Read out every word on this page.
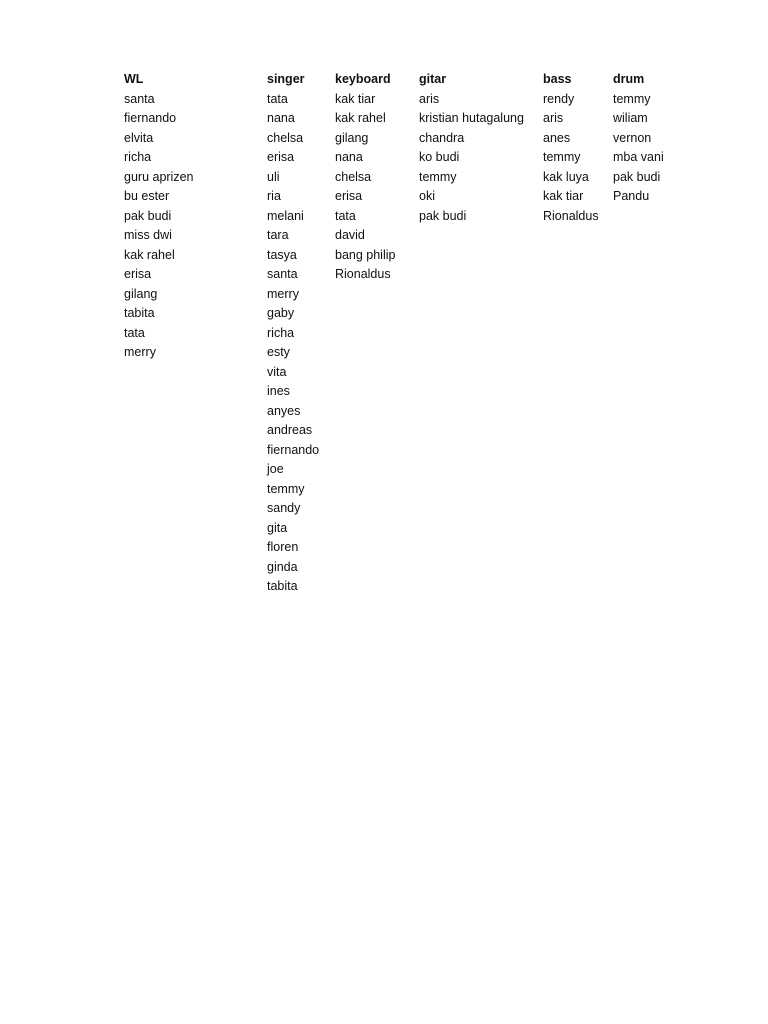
WL
santa
fiernando
elvita
richa
guru aprizen
bu ester
pak budi
miss dwi
kak rahel
erisa
gilang
tabita
tata
merry
singer
tata
nana
chelsa
erisa
uli
ria
melani
tara
tasya
santa
merry
gaby
richa
esty
vita
ines
anyes
andreas
fiernando
joe
temmy
sandy
gita
floren
ginda
tabita
keyboard
kak tiar
kak rahel
gilang
nana
chelsa
erisa
tata
david
bang philip
Rionaldus
gitar
aris
kristian hutagalung
chandra
ko budi
temmy
oki
pak budi
bass
rendy
aris
anes
temmy
kak luya
kak tiar
Rionaldus
drum
temmy
wiliam
vernon
mba vani
pak budi
Pandu
